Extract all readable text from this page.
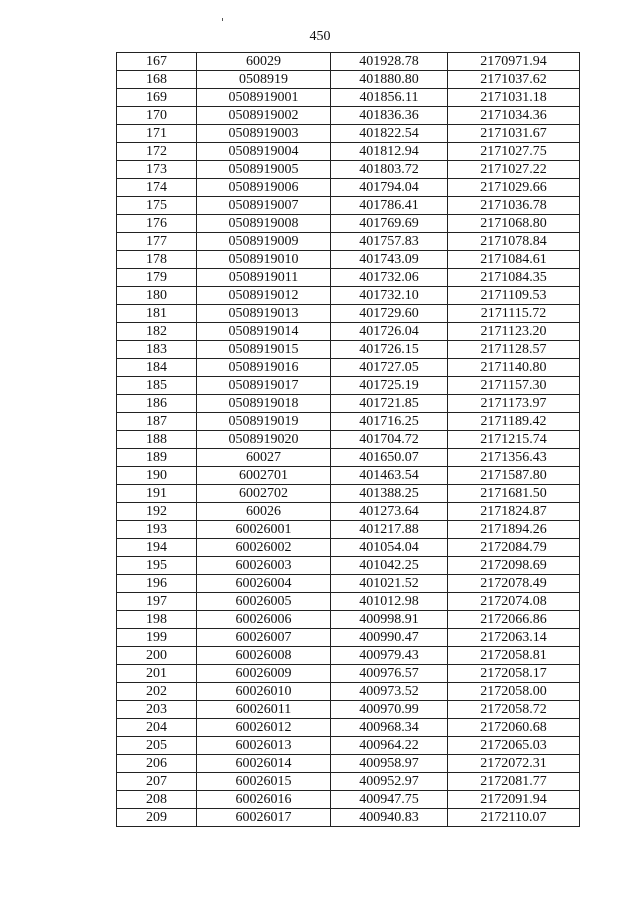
450
167	60029	401928.78	2170971.94
168	0508919	401880.80	2171037.62
169	0508919001	401856.11	2171031.18
170	0508919002	401836.36	2171034.36
171	0508919003	401822.54	2171031.67
172	0508919004	401812.94	2171027.75
173	0508919005	401803.72	2171027.22
174	0508919006	401794.04	2171029.66
175	0508919007	401786.41	2171036.78
176	0508919008	401769.69	2171068.80
177	0508919009	401757.83	2171078.84
178	0508919010	401743.09	2171084.61
179	0508919011	401732.06	2171084.35
180	0508919012	401732.10	2171109.53
181	0508919013	401729.60	2171115.72
182	0508919014	401726.04	2171123.20
183	0508919015	401726.15	2171128.57
184	0508919016	401727.05	2171140.80
185	0508919017	401725.19	2171157.30
186	0508919018	401721.85	2171173.97
187	0508919019	401716.25	2171189.42
188	0508919020	401704.72	2171215.74
189	60027	401650.07	2171356.43
190	6002701	401463.54	2171587.80
191	6002702	401388.25	2171681.50
192	60026	401273.64	2171824.87
193	60026001	401217.88	2171894.26
194	60026002	401054.04	2172084.79
195	60026003	401042.25	2172098.69
196	60026004	401021.52	2172078.49
197	60026005	401012.98	2172074.08
198	60026006	400998.91	2172066.86
199	60026007	400990.47	2172063.14
200	60026008	400979.43	2172058.81
201	60026009	400976.57	2172058.17
202	60026010	400973.52	2172058.00
203	60026011	400970.99	2172058.72
204	60026012	400968.34	2172060.68
205	60026013	400964.22	2172065.03
206	60026014	400958.97	2172072.31
207	60026015	400952.97	2172081.77
208	60026016	400947.75	2172091.94
209	60026017	400940.83	2172110.07
